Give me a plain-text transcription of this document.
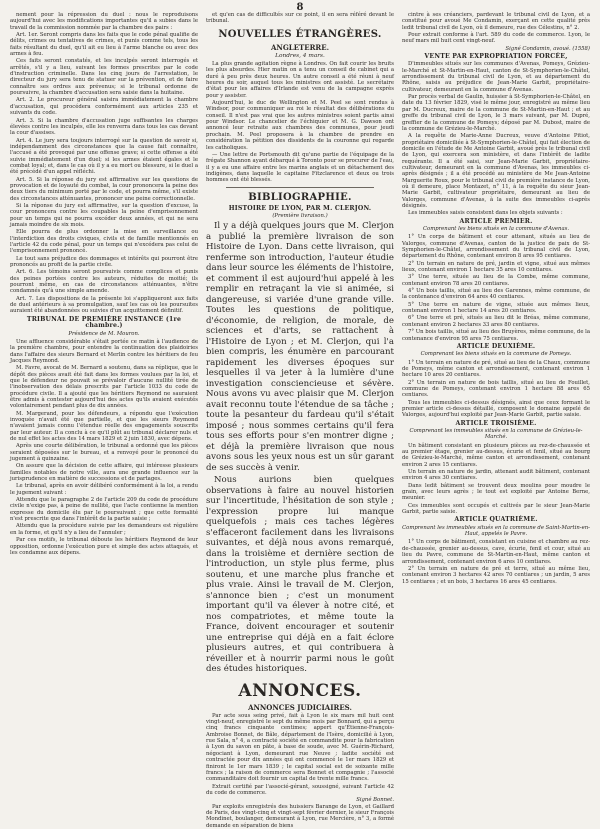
8

nement pour la répression du duel : nous le reproduisons aujourd'hui avec les modifications importantes qu'il a subies dans le travail de la commission nommée par la chambre des pairs :

Art. 1er. Seront compris dans les faits que le code pénal qualifie de délits, crimes ou tentatives de crimes, et punis comme tels, tous les faits résultant du duel, qu'il ait eu lieu à l'arme blanche ou avec des armes à feu.

Ces faits seront constatés, et les inculpés seront interrogés et arrêtés, s'il y a lieu, suivant les formes prescrites par le code d'instruction criminelle. Dans les cinq jours de l'arrestation, le directeur du jury sera tenu de statuer sur la prévention, et de faire connaître ses ordres aux prévenus; si le tribunal ordonne de poursuivre, la chambre d'accusation sera saisie dans la huitaine.

Art. 2. Le procureur général saisira immédiatement la chambre d'accusation, qui procédera conformément aux articles 235 et suivants du code.

Art. 3. Si la chambre d'accusation juge suffisantes les charges élevées contre les inculpés, elle les renverra dans tous les cas devant la cour d'assises.

Art. 4. Le jury sera toujours interrogé sur la question de savoir si, indépendamment des circonstances que la cause fait connaître, l'accusé a été provoqué par une offense grave; si cette offense a été suivie immédiatement d'un duel; si les armes étaient égales et le combat loyal; et, dans le cas où il y a eu mort ou blessure, si le duel a été précédé d'un appel réfléchi.

Art. 5. Si la réponse du jury est affirmative sur les questions de provocation et de loyauté du combat, la cour prononcera la peine des deux tiers du minimum porté par le code, et pourra même, s'il existe des circonstances atténuantes, prononcer une peine correctionnelle.

Si la réponse du jury est affirmative, sur la question d'excuse, la cour prononcera contre les coupables la peine d'emprisonnement pour un temps qui ne pourra excéder deux années, et qui ne sera jamais moindre de six mois.

Elle pourra de plus ordonner la mise en surveillance ou l'interdiction des droits civiques, civils et de famille mentionnés en l'article 42 du code pénal, pour un temps qui n'excédera pas celui de l'emprisonnement prononcé.

Le tout sans préjudice des dommages et intérêts qui pourront être prononcés au profit de la partie civile.

Art. 6. Les témoins seront poursuivis comme complices et punis des peines portées contre les auteurs, réduites de moitié; ils pourront même, en cas de circonstances atténuantes, n'être condamnés qu'à une simple amende.

Art. 7. Les dispositions de la présente loi s'appliqueront aux faits de duel antérieurs à sa promulgation, sauf les cas où les poursuites auraient été abandonnées ou suivies d'un acquittement définitif.

TRIBUNAL DE PREMIÈRE INSTANCE (1re chambre.)
Présidence de M. Mouron.

Une affluence considérable s'était portée ce matin à l'audience de la première chambre, pour entendre la continuation des plaidoiries dans l'affaire des sieurs Bernard et Merlin contre les héritiers de feu Jacques Reymond.

M. Favre, avocat de M. Bernard a soutenu, dans sa réplique, que le dépôt des pièces avait été fait dans les formes voulues par la loi, et que le défendeur ne pouvait se prévaloir d'aucune nullité tirée de l'inobservation des délais prescrits par l'article 1033 du code de procédure civile. Il a ajouté que les héritiers Reymond ne sauraient être admis à contester aujourd'hui des actes qu'ils avaient exécutés volontairement pendant plus de dix années.

M. Margerand, pour les défendeurs, a répondu que l'exécution invoquée n'avait été que partielle, et que les sieurs Reymond n'avaient jamais connu l'étendue réelle des engagements souscrits par leur auteur. Il a conclu à ce qu'il plût au tribunal déclarer nuls et de nul effet les actes des 14 mars 1829 et 2 juin 1830, avec dépens.

Après une courte délibération, le tribunal a ordonné que les pièces seraient déposées sur le bureau, et a renvoyé pour le prononcé du jugement à quinzaine.

On assure que la décision de cette affaire, qui intéresse plusieurs familles notables de notre ville, aura une grande influence sur la jurisprudence en matière de successions et de partages.

Le tribunal, après en avoir délibéré conformément à la loi, a rendu le jugement suivant :

Attendu que le paragraphe 2 de l'article 209 du code de procédure civile n'exige pas, à peine de nullité, que l'acte contienne la mention expresse du domicile élu par le poursuivant ; que cette formalité n'est prescrite que dans l'intérêt de la partie saisie ;

Attendu que la procédure suivie par les demandeurs est régulière en la forme, et qu'il n'y a lieu de l'annuler ;

Par ces motifs, le tribunal déboute les héritiers Reymond de leur opposition, ordonne l'exécution pure et simple des actes attaqués, et les condamne aux dépens.

et qu'en cas de difficultés sur ce point, il en sera référé devant le tribunal.

NOUVELLES ÉTRANGÈRES.
ANGLETERRE.
Londres, 4 mars.

La plus grande agitation règne à Londres. On fait courir les bruits les plus absurdes. Hier matin on a tenu un conseil de cabinet qui a duré à peu près deux heures. Un autre conseil a été réuni à neuf heures du soir, auquel tous les ministres ont assisté. Le secrétaire d'état pour les affaires d'Irlande est venu de la campagne exprès pour y assister.

Aujourd'hui, le duc de Wellington et M. Peel se sont rendus à Windsor, pour communiquer au roi le résultat des délibérations du conseil. Il n'est pas vrai que les autres ministres soient partis ainsi pour Windsor. Le chancelier de l'échiquier et M. G. Dawson ont annoncé leur retraite aux chambres des communes, pour jeudi prochain. M. Peel proposera à la chambre de prendre en considération la pétition des dissidents de la couronne qui regarde les catholiques.

— Une lettre de Portsmouth dit qu'une partie de l'équipage de la frégate Shannon ayant débarqué à Toronto pour se procurer de l'eau, il y a eu une affaire entre les marins anglais et un détachement des indigènes, dans laquelle le capitaine Fitzclarence et deux ou trois hommes ont été blessés.

BIBLIOGRAPHIE.
HISTOIRE DE LYON, PAR M. CLERJON.
(Première livraison.)

Il y a déjà quelques jours que M. Clerjon a publié la première livraison de son Histoire de Lyon. Dans cette livraison, qui renferme son introduction, l'auteur étudie dans leur source les éléments de l'histoire, et comment il est aujourd'hui appelé à les remplir en retraçant la vie si animée, si dangereuse, si variée d'une grande ville. Toutes les questions de politique, d'économie, de religion, de morale, de sciences et d'arts, se rattachent à l'Histoire de Lyon ; et M. Clerjon, qui l'a bien compris, les énumère en parcourant rapidement les diverses époques sur lesquelles il va jeter à la lumière d'une investigation consciencieuse et sévère. Nous avons vu avec plaisir que M. Clerjon avait reconnu toute l'étendue de sa tâche ; toute la pesanteur du fardeau qu'il s'était imposé ; nous sommes certains qu'il fera tous ses efforts pour s'en montrer digne ; et déjà la première livraison que nous avons sous les yeux nous est un sûr garant de ses succès à venir.

Nous aurions bien quelques observations à faire au nouvel historien sur l'incertitude, l'hésitation de son style ; l'expression propre lui manque quelquefois ; mais ces taches légères s'effaceront facilement dans les livraisons suivantes, et déjà nous avons remarqué, dans la troisième et dernière section de l'introduction, un style plus ferme, plus soutenu, et une marche plus franche et plus vraie. Ainsi le travail de M. Clerjon, s'annonce bien ; c'est un monument important qu'il va élever à notre cité, et nos compatriotes, et même toute la France, doivent encourager et soutenir une entreprise qui déjà en a fait éclore plusieurs autres, et qui contribuera à réveiller et à nourrir parmi nous le goût des études historiques.

ANNONCES.
ANNONCES JUDICIAIRES.

Par acte sous seing privé, fait à Lyon le six mars mil huit cent vingt-neuf, enregistré le sept du même mois par Bonnard, qui a perçu cinq francs cinquante centimes; appert qu'Étienne-François-Ambroise Bonnet, de Bâle, département de l'Isère, domicilié à Lyon, rue Sala, n° 4, a contracté société en commandite pour la fabrication à Lyon du savon en pâte, à base de soude, avec M. Guérin-Richard, négociant à Lyon, demeurant rue Neuve ; ladite société est contractée pour dix années qui ont commencé le 1er mars 1829 et finiront le 1er mars 1839 ; le capital social est de soixante mille francs ; la raison de commerce sera Bonnet et compagnie ; l'associé commanditaire doit fournir un capital de trente mille francs.

Extrait certifié par l'associé-gérant, soussigné, suivant l'article 42 du code de commerce.

Signé Bonnet.

Par exploits enregistrés des huissiers Barange de Lyon, et Gaillard de Paris, des vingt-cinq et vingt-sept février dernier, le sieur François Mondinet, boulanger, demeurant à Lyon, rue Mercière, n° 3, a formé demande en séparation de biens

cintre à ses créanciers, pardevant le tribunal civil de Lyon, et a constitué pour avoué Me Condamin, exerçant en cette qualité près ledit tribunal civil de Lyon, où il demeure, rue des Célestins, n° 2.

Pour extrait conforme à l'art. 589 du code de commerce. Lyon, le neuf mars mil huit cent vingt-neuf.

Signé Condamin, avoué. (1558)
VENTE PAR EXPROPRIATION FORCÉE,

D'immeubles situés sur les communes d'Avenas, Pomeys, Grézieu-le-Marché et St-Martin-en-Haut, canton de St-Symphorien-le-Châtel, arrondissement du tribunal civil de Lyon, et au département du Rhône, saisis au préjudice de Jean-Marie Garbit, propriétaire-cultivateur, demeurant en la commune d'Avenas.

Par procès verbal de Gaulin, huissier à St-Symphorien-le-Châtel, en date du 13 février 1829, visé le même jour, enregistré au même lieu par M. Ducreux, maire de la commune de St-Martin-en-Haut ; et au greffe du tribunal civil de Lyon, le 3 mars suivant, par M. Dupré, greffier de la commune de Pomeys; déposé par M. Dubost, maire de la commune de Grézieu-le-Marché.

A la requête de Marie-Anne Ducreux, veuve d'Antoine Pitiot, propriétaire domiciliée à St-Symphorien-le-Châtel, qui fait élection de domicile en l'étude de Me Antoine Garbit, avoué près le tribunal civil de Lyon, qui exercera son ministère, et dans l'intérêt de ladite requérante. Il a été saisi, sur Jean-Marie Garbit, propriétaire-cultivateur, demeurant en la commune d'Avenas, les immeubles ci-après désignés ; il a été procédé au ministère de Me Jean-Antoine Marguerite Roux, pour le tribunal civil de première instance de Lyon, où il demeure, place Montazet, n° 11, à la requête du sieur Jean-Marie Garbit, cultivateur propriétaire, demeurant au lieu de Valorges, commune d'Avenas, à la suite des immeubles ci-après désignés.

Les immeubles saisis consistent dans les objets suivants :

ARTICLE PREMIER.
Comprenant les biens situés en la commune d'Avenas.

1° Un corps de bâtiment et cour attenant, situés au lieu de Valorges, commune d'Avenas, canton de la justice de paix de St-Symphorien-le-Châtel, arrondissement du tribunal civil de Lyon, département du Rhône, contenant environ 8 ares 95 centiares.

2° Un terrain en nature de pré, jardin et vigne, situé aux mêmes lieux, contenant environ 1 hectare 35 ares 10 centiares.

3° Une terre, située au lieu de la Combe, même commune, contenant environ 78 ares 20 centiares.

4° Un bois taillis, situé au lieu des Garennes, même commune, de la contenance d'environ 64 ares 40 centiares.

5° Une terre en nature de vigne, située aux mêmes lieux, contenant environ 1 hectare 14 ares 20 centiares.

6° Une terre et pré, situés au lieu dit le Bréas, même commune, contenant environ 2 hectares 33 ares 80 centiares.

7° Un bois taillis, situé au lieu des Bruyères, même commune, de la contenance d'environ 95 ares 75 centiares.

ARTICLE DEUXIÈME.
Comprenant les biens situés en la commune de Pomeys.

1° Un terrain en nature de pré, situé au lieu de la Chaux, commune de Pomeys, même canton et arrondissement, contenant environ 1 hectare 10 ares 20 centiares.

2° Un terrain en nature de bois taillis, situé au lieu de Fouillet, commune de Pomeys, contenant environ 1 hectare 88 ares 65 centiares.

Tous les immeubles ci-dessus désignés, ainsi que ceux formant le premier article ci-dessus détaillé, composent le domaine appelé de Valorges, aujourd'hui exploité par Jean-Marie Garbit, partie saisie.

ARTICLE TROISIÈME.
Comprenant les immeubles situés en la commune de Grézieu-le-Marché.

Un bâtiment consistant en plusieurs pièces au rez-de-chaussée et au premier étage, grenier au-dessus, écurie et fenil, situé au bourg de Grézieu-le-Marché, même canton et arrondissement, contenant environ 2 ares 15 centiares.

Un terrain en nature de jardin, attenant audit bâtiment, contenant environ 4 ares 30 centiares.

Dans ledit bâtiment se trouvent deux moulins pour moudre le grain, avec leurs agrès ; le tout est exploité par Antoine Berne, meunier.

Ces immeubles sont occupés et cultivés par le sieur Jean-Marie Garbit, partie saisie.

ARTICLE QUATRIÈME.
Comprenant les immeubles situés en la commune de Saint-Martin-en-Haut, appelés le Pavre.

1° Un corps de bâtiment, consistant en cuisine et chambre au rez-de-chaussée, grenier au-dessus, cave, écurie, fenil et cour, situé au lieu du Pavre, commune de St-Martin-en-Haut, même canton et arrondissement, contenant environ 6 ares 10 centiares.

2° Un terrain en nature de pré et terre, situé au même lieu, contenant environ 3 hectares 42 ares 70 centiares ; un jardin, 5 ares 15 centiares ; et un bois, 3 hectares 16 ares 45 centiares.
